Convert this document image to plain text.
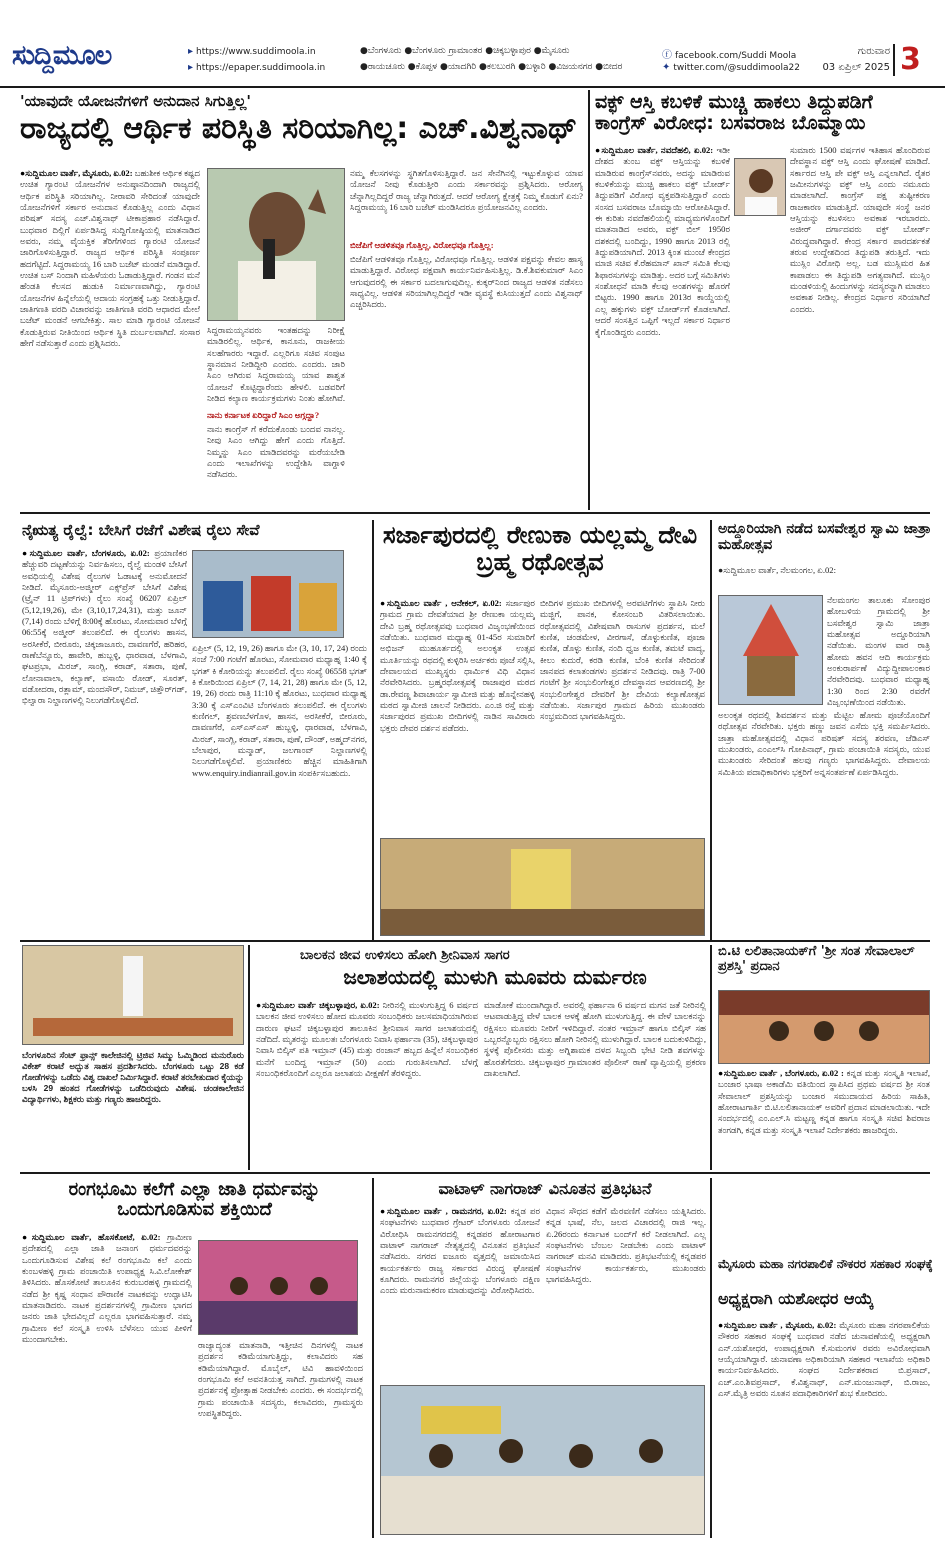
ಸುದ್ದಿಮೂಲ	▸ https://www.suddimoola.in
▸ https://epaper.suddimoola.in
●ಬೆಂಗಳೂರು ●ಬೆಂಗಳೂರು ಗ್ರಾಮಾಂತರ ●ಚಿಕ್ಕಬಳ್ಳಾಪುರ ●ಮೈಸೂರು
●ರಾಯಚೂರು ●ಕೊಪ್ಪಳ ●ಯಾದಗಿರಿ ●ಕಲಬುರಗಿ ●ಬಳ್ಳಾರಿ ●ವಿಜಯನಗರ ●ಬೀದರ
ⓕ facebook.com/Suddi Moola
✦ twitter.com/@suddimoola22
ಗುರುವಾರ
03 ಏಪ್ರಿಲ್ 2025 3
'ಯಾವುದೇ ಯೋಜನೆಗಳಿಗೆ ಅನುದಾನ ಸಿಗುತ್ತಿಲ್ಲ'
ರಾಜ್ಯದಲ್ಲಿ ಆರ್ಥಿಕ ಪರಿಸ್ಥಿತಿ ಸರಿಯಾಗಿಲ್ಲ: ಎಚ್.ವಿಶ್ವನಾಥ್
●ಸುದ್ದಿಮೂಲ ವಾರ್ತೆ, ಮೈಸೂರು, ಏ.02: ಬಹುಶೀಕ ಆರ್ಥಿಕ ಕಷ್ಟದ ಉಚಿತ ಗ್ಯಾರಂಟಿ ಯೋಜನೆಗಳ ಅನುಷ್ಠಾನದಿಂದಾಗಿ ರಾಜ್ಯದಲ್ಲಿ ಆರ್ಥಿಕ ಪರಿಸ್ಥಿತಿ ಸರಿಯಾಗಿಲ್ಲ. ನೀರಾವರಿ ಸೇರಿದಂತೆ ಯಾವುದೇ ಯೋಜನೆಗಳಿಗೆ ಸರ್ಕಾರ ಅನುದಾನ ಕೊಡುತ್ತಿಲ್ಲ ಎಂದು ವಿಧಾನ ಪರಿಷತ್ ಸದಸ್ಯ ಎಚ್.ವಿಶ್ವನಾಥ್ ಟೀಕಾಪ್ರಹಾರ ನಡೆಸಿದ್ದಾರೆ. ಬುಧವಾರ ದಿಲ್ಲಿಗೆ ಏರ್ಪಡಿಸಿದ್ದ ಸುದ್ದಿಗೋಷ್ಠಿಯಲ್ಲಿ ಮಾತನಾಡಿದ ಅವರು, ನಮ್ಮ ವೈಯಕ್ತಿಕ ತೆರಿಗೆಗಳಿಂದ ಗ್ಯಾರಂಟಿ ಯೋಜನೆ ಜಾರಿಗೊಳಿಸುತ್ತಿದ್ದಾರೆ. ರಾಜ್ಯದ ಆರ್ಥಿಕ ಪರಿಸ್ಥಿತಿ ಸಂಪೂರ್ಣ ಹದಗೆಟ್ಟಿದೆ. ಸಿದ್ದರಾಮಯ್ಯ 16 ಬಾರಿ ಬಜೆಟ್ ಮಂಡನೆ ಮಾಡಿದ್ದಾರೆ. ಉಚಿತ ಬಸ್ ನಿಂದಾಗಿ ಮಹಿಳೆಯರು ಓಡಾಡುತ್ತಿದ್ದಾರೆ. ಗಂಡನ ಮನೆ ಹೆಂಡತಿ ಕೆಲಸದ ಹುಡುಕಿ ನಿರ್ಮಾಣವಾಗಿದ್ದು, ಗ್ಯಾರಂಟಿ ಯೋಜನೆಗಳ ಹಿನ್ನೆಲೆಯಲ್ಲಿ ಆದಾಯ ಸಂಗ್ರಹಕ್ಕೆ ಒತ್ತು ನೀಡುತ್ತಿದ್ದಾರೆ. ಜಾತಿಗಣತಿ ವರದಿ ವಿಚಾರವನ್ನು ಜಾತಿಗಣತಿ ವರದಿ ಆಧಾರದ ಮೇಲೆ ಬಜೆಟ್ ಮಂಡನೆ ಆಗಬೇಕಿತ್ತು. ಸಾಲ ಮಾಡಿ ಗ್ಯಾರಂಟಿ ಯೋಜನೆ ಕೊಡುತ್ತಿರುವ ನೀತಿಯಿಂದ ಆರ್ಥಿಕ ಸ್ಥಿತಿ ದುರ್ಬಲವಾಗಿದೆ. ಸಂಸಾರ ಹೇಗೆ ನಡೆಸುತ್ತಾರೆ ಎಂದು ಪ್ರಶ್ನಿಸಿದರು.
ನಮ್ಮ ಕೆಲಸಗಳನ್ನು ಸ್ಥಗಿತಗೊಳಿಸುತ್ತಿದ್ದಾರೆ. ಜನ ಸೇನೆಗಿನಲ್ಲಿ ಇಟ್ಟುಕೊಳ್ಳುವ ಯಾವ ಯೋಜನೆ ನೀವು ಕೊಡುತ್ತೀರಿ ಎಂದು ಸರ್ಕಾರವನ್ನು ಪ್ರಶ್ನಿಸಿದರು. ಆರೋಗ್ಯ ಚೆನ್ನಾಗಿಲ್ಲದಿದ್ದರೆ ರಾಜ್ಯ ಚೆನ್ನಾಗಿರುತ್ತದೆ. ಆದರೆ ಆರೋಗ್ಯ ಕ್ಷೇತ್ರಕ್ಕೆ ನಿಮ್ಮ ಕೊಡುಗೆ ಏನು? ಸಿದ್ದರಾಮಯ್ಯ 16 ಬಾರಿ ಬಜೆಟ್ ಮಂಡಿಸಿದರೂ ಪ್ರಯೋಜನವಿಲ್ಲ ಎಂದರು.
ಬಿಜೆಪಿಗೆ ಆಡಳಿತವೂ ಗೊತ್ತಿಲ್ಲ, ವಿರೋಧವೂ ಗೊತ್ತಿಲ್ಲ:
ಬಿಜೆಪಿಗೆ ಆಡಳಿತವೂ ಗೊತ್ತಿಲ್ಲ, ವಿರೋಧವೂ ಗೊತ್ತಿಲ್ಲ. ಆಡಳಿತ ಪಕ್ಷವನ್ನು ಕೇವಲ ಹಾಸ್ಯ ಮಾಡುತ್ತಿದ್ದಾರೆ. ವಿರೋಧ ಪಕ್ಷವಾಗಿ ಕಾರ್ಯನಿರ್ವಹಿಸುತ್ತಿಲ್ಲ. ಡಿ.ಕೆ.ಶಿವಕುಮಾರ್ ಸಿಎಂ ಆಗುವುದರಲ್ಲಿ ಈ ಸರ್ಕಾರ ಬದಲಾಗುವುದಿಲ್ಲ. ಕುಕ್ಕರ್‌ನಿಂದ ರಾಜ್ಯದ ಆಡಳಿತ ನಡೆಸಲು ಸಾಧ್ಯವಿಲ್ಲ. ಆಡಳಿತ ಸರಿಯಾಗಿಲ್ಲದಿದ್ದರೆ ಇಡೀ ವ್ಯವಸ್ಥೆ ಕುಸಿಯುತ್ತದೆ ಎಂದು ವಿಶ್ವನಾಥ್ ಎಚ್ಚರಿಸಿದರು.
ಸಿದ್ದರಾಮಯ್ಯನವರು ಇಂತಹದನ್ನು ನಿರೀಕ್ಷೆ ಮಾಡಿರಲಿಲ್ಲ. ಆರ್ಥಿಕ, ಕಾನೂನು, ರಾಜಕೀಯ ಸಲಹೆಗಾರರು ಇದ್ದಾರೆ. ಎಲ್ಲರಿಗೂ ಸಚಿವ ಸಂಪುಟ ಸ್ಥಾನಮಾನ ನೀಡಿದ್ದೀರಿ ಎಂದರು. ಎಂದರು. ಜಾರಿ ಸಿಎಂ ಆಗಿರುವ ಸಿದ್ದರಾಮಯ್ಯ ಯಾವ ಶಾಶ್ವತ ಯೋಜನೆ ಕೊಟ್ಟಿದ್ದಾರೆಂದು ಹೇಳಲಿ. ಬಡವರಿಗೆ ನೀಡಿದ ಕಲ್ಯಾಣ ಕಾರ್ಯಕ್ರಮಗಳು ನಿಂತು ಹೋಗಿವೆ.
ನಾನು ಕರ್ನಾಟಕ ಏರಿದ್ದಾರೆ ಸಿಎಂ ಅಗ್ಗದ್ದಾ?
ನಾನು ಕಾಂಗ್ರೆಸ್ ಗೆ ಕರೆದುಕೊಂಡು ಬಂದವ ನಾನಲ್ಲ. ನೀವು ಸಿಎಂ ಆಗಿದ್ದು ಹೇಗೆ ಎಂದು ಗೊತ್ತಿದೆ. ನಿಮ್ಮನ್ನು ಸಿಎಂ ಮಾಡಿದವರನ್ನು ಮರೆಯಬೇಡಿ ಎಂದು ಇಲಾಖೆಗಳನ್ನು ಉದ್ದೇಶಿಸಿ ವಾಗ್ದಾಳಿ ನಡೆಸಿದರು.
ವಕ್ಫ್ ಆಸ್ತಿ ಕಬಳಿಕೆ ಮುಚ್ಚಿ ಹಾಕಲು ತಿದ್ದುಪಡಿಗೆ ಕಾಂಗ್ರೆಸ್ ವಿರೋಧ: ಬಸವರಾಜ ಬೊಮ್ಮಾಯಿ
●ಸುದ್ದಿಮೂಲ ವಾರ್ತೆ, ನವದೆಹಲಿ, ಏ.02: ಇಡೀ ದೇಶದ ತುಂಬ ವಕ್ಫ್ ಆಸ್ತಿಯನ್ನು ಕಬಳಿಕೆ ಮಾಡಿರುವ ಕಾಂಗ್ರೆಸ್‌ನವರು, ಅದನ್ನು ಮಾಡಿರುವ ಕಬಳಿಕೆಯನ್ನು ಮುಚ್ಚಿ ಹಾಕಲು ವಕ್ಫ್ ಬೋರ್ಡ್ ತಿದ್ದುಪಡಿಗೆ ವಿರೋಧ ವ್ಯಕ್ತಪಡಿಸುತ್ತಿದ್ದಾರೆ ಎಂದು ಸಂಸದ ಬಸವರಾಜ ಬೊಮ್ಮಾಯಿ ಆರೋಪಿಸಿದ್ದಾರೆ. ಈ ಕುರಿತು ನವದೆಹಲಿಯಲ್ಲಿ ಮಾಧ್ಯಮಗಳೊಂದಿಗೆ ಮಾತನಾಡಿದ ಅವರು, ವಕ್ಫ್ ಬಿಲ್ 1950ರ ದಶಕದಲ್ಲಿ ಬಂದಿದ್ದು, 1990 ಹಾಗೂ 2013 ರಲ್ಲಿ ತಿದ್ದುಪಡಿಯಾಗಿದೆ. 2013 ಕ್ಕಿಂತ ಮುಂಚೆ ಕೇಂದ್ರದ ಮಾಜಿ ಸಚಿವ ಕೆ.ರೆಹಮಾನ್ ಖಾನ್ ಸಮಿತಿ ಕೆಲವು ಶಿಫಾರಸುಗಳನ್ನು ಮಾಡಿತ್ತು. ಅದರ ಬಗ್ಗೆ ಸಮಿತಿಗಳು ಸಂಶೋಧನೆ ಮಾಡಿ ಕೆಲವು ಅಂಶಗಳನ್ನು ಹೊರಗೆ ಬಿಟ್ಟರು. 1990 ಹಾಗೂ 2013ರ ಕಾಯ್ದೆಯಲ್ಲಿ ಎಲ್ಲ ಹಕ್ಕುಗಳು ವಕ್ಫ್ ಬೋರ್ಡ್‌ಗೆ ಕೊಡಲಾಗಿದೆ. ಆದರೆ ಸಂಸತ್ತಿನ ಒಪ್ಪಿಗೆ ಇಲ್ಲದೆ ಸರ್ಕಾರ ನಿರ್ಧಾರ ಕೈಗೊಂಡಿದ್ದರು ಎಂದರು.
ಸುಮಾರು 1500 ವರ್ಷಗಳ ಇತಿಹಾಸ ಹೊಂದಿರುವ ದೇವಸ್ಥಾನ ವಕ್ಫ್ ಆಸ್ತಿ ಎಂದು ಘೋಷಣೆ ಮಾಡಿದೆ. ಸರ್ಕಾರದ ಆಸ್ತಿ ಪೇ ವಕ್ಫ್ ಆಸ್ತಿ ಎನ್ನಲಾಗಿದೆ. ರೈತರ ಜಮೀನುಗಳನ್ನು ವಕ್ಫ್ ಆಸ್ತಿ ಎಂದು ನಮೂದು ಮಾಡಲಾಗಿದೆ. ಕಾಂಗ್ರೆಸ್ ಪಕ್ಷ ತುಷ್ಟೀಕರಣ ರಾಜಕಾರಣ ಮಾಡುತ್ತಿದೆ. ಯಾವುದೇ ಸಂಸ್ಥೆ ಜನರ ಆಸ್ತಿಯನ್ನು ಕಬಳಿಸಲು ಅವಕಾಶ ಇರಬಾರದು. ಅಜೀರ್ ದರ್ಗಾದವರು ವಕ್ಫ್ ಬೋರ್ಡ್ ವಿರುದ್ಧವಾಗಿದ್ದಾರೆ. ಕೇಂದ್ರ ಸರ್ಕಾರ ಪಾರದರ್ಶಕತೆ ತರುವ ಉದ್ದೇಶದಿಂದ ತಿದ್ದುಪಡಿ ತರುತ್ತಿದೆ. ಇದು ಮುಸ್ಲಿಂ ವಿರೋಧಿ ಅಲ್ಲ. ಬಡ ಮುಸ್ಲಿಮರ ಹಿತ ಕಾಪಾಡಲು ಈ ತಿದ್ದುಪಡಿ ಅಗತ್ಯವಾಗಿದೆ. ಮುಸ್ಲಿಂ ಮಂಡಳಿಯಲ್ಲಿ ಹಿಂದುಗಳನ್ನು ಸದಸ್ಯರನ್ನಾಗಿ ಮಾಡಲು ಅವಕಾಶ ನೀಡಿಲ್ಲ. ಕೇಂದ್ರದ ನಿರ್ಧಾರ ಸರಿಯಾಗಿದೆ ಎಂದರು.
ನೈಋತ್ಯ ರೈಲ್ವೆ: ಬೇಸಿಗೆ ರಜೆಗೆ ವಿಶೇಷ ರೈಲು ಸೇವೆ
●ಸುದ್ದಿಮೂಲ ವಾರ್ತೆ, ಬೆಂಗಳೂರು, ಏ.02: ಪ್ರಯಾಣಿಕರ ಹೆಚ್ಚುವರಿ ದಟ್ಟಣೆಯನ್ನು ನಿರ್ವಹಿಸಲು, ರೈಲ್ವೆ ಮಂಡಳಿ ಬೇಸಿಗೆ ಅವಧಿಯಲ್ಲಿ ವಿಶೇಷ ರೈಲುಗಳ ಓಡಾಟಕ್ಕೆ ಅನುಮೋದನೆ ನೀಡಿದೆ. ಮೈಸೂರು-ಅಜ್ಮೀರ್ ಎಕ್ಸ್‌ಪ್ರೆಸ್ ಬೇಸಿಗೆ ವಿಶೇಷ (ಟ್ರೈನ್ 11 ಟ್ರಿಪ್‌ಗಳು) ರೈಲು ಸಂಖ್ಯೆ 06207 ಏಪ್ರಿಲ್ (5,12,19,26), ಮೇ (3,10,17,24,31), ಮತ್ತು ಜೂನ್ (7,14) ರಂದು ಬೆಳಿಗ್ಗೆ 8:00ಕ್ಕೆ ಹೊರಟು, ಸೋಮವಾರ ಬೆಳಿಗ್ಗೆ 06:55ಕ್ಕೆ ಅಜ್ಮೀರ್ ತಲುಪಲಿದೆ. ಈ ರೈಲುಗಳು ಹಾಸನ, ಅರಸೀಕೆರೆ, ಬೀರೂರು, ಚಿಕ್ಕಜಾಜೂರು, ದಾವಣಗೆರೆ, ಹರಿಹರ, ರಾಣೆಬೆನ್ನೂರು, ಹಾವೇರಿ, ಹುಬ್ಬಳ್ಳಿ, ಧಾರವಾಡ, ಬೆಳಗಾವಿ, ಘಟಪ್ರಭಾ, ಮಿರಜ್, ಸಾಂಗ್ಲಿ, ಕರಾಡ್, ಸತಾರಾ, ಪುಣೆ, ಲೋನಾವಾಲಾ, ಕಲ್ಯಾಣ್, ವಸಾಯಿ ರೋಡ್, ಸೂರತ್, ವಡೋದರಾ, ರತ್ಲಾಮ್, ಮಂದಸೌರ್, ನಿಮಚ್, ಚಿತ್ತೌರ್‌ಗಡ್, ಭಿಲ್ವಾರಾ ನಿಲ್ದಾಣಗಳಲ್ಲಿ ನಿಲುಗಡೆಗೊಳ್ಳಲಿದೆ.
ಏಪ್ರಿಲ್ (5, 12, 19, 26) ಹಾಗೂ ಮೇ (3, 10, 17, 24) ರಂದು ಸಂಜೆ 7:00 ಗಂಟೆಗೆ ಹೊರಟು, ಸೋಮವಾರ ಮಧ್ಯಾಹ್ನ 1:40 ಕ್ಕೆ ಭಗತ್ ಕಿ ಕೋಠಿಯನ್ನು ತಲುಪಲಿದೆ. ರೈಲು ಸಂಖ್ಯೆ 06558 ಭಗತ್ ಕಿ ಕೋಠಿಯಿಂದ ಏಪ್ರಿಲ್ (7, 14, 21, 28) ಹಾಗೂ ಮೇ (5, 12, 19, 26) ರಂದು ರಾತ್ರಿ 11:10 ಕ್ಕೆ ಹೊರಟು, ಬುಧವಾರ ಮಧ್ಯಾಹ್ನ 3:30 ಕ್ಕೆ ಎಸ್‌ಎಂವಿಟಿ ಬೆಂಗಳೂರು ತಲುಪಲಿದೆ. ಈ ರೈಲುಗಳು ಕುಣಿಗಲ್, ಶ್ರವಣಬೆಳಗೊಳ, ಹಾಸನ, ಅರಸೀಕೆರೆ, ಬೀರೂರು, ದಾವಣಗೆರೆ, ಎಸ್‌ಎಸ್‌ಎಸ್ ಹುಬ್ಬಳ್ಳಿ, ಧಾರವಾಡ, ಬೆಳಗಾವಿ, ಮಿರಜ್, ಸಾಂಗ್ಲಿ, ಕರಾಡ್, ಸತಾರಾ, ಪುಣೆ, ದೌಂಡ್, ಅಹ್ಮದ್‌ನಗರ, ಬೆಲಾಪುರ, ಮನ್ಮಾಡ್, ಜಲಗಾಂವ್ ನಿಲ್ದಾಣಗಳಲ್ಲಿ ನಿಲುಗಡೆಗೊಳ್ಳಲಿವೆ. ಪ್ರಯಾಣಿಕರು ಹೆಚ್ಚಿನ ಮಾಹಿತಿಗಾಗಿ www.enquiry.indianrail.gov.in ಸಂಪರ್ಕಿಸಬಹುದು.
ಸರ್ಜಾಪುರದಲ್ಲಿ ರೇಣುಕಾ ಯಲ್ಲಮ್ಮ ದೇವಿ ಬ್ರಹ್ಮ ರಥೋತ್ಸವ
●ಸುದ್ದಿಮೂಲ ವಾರ್ತೆ , ಆನೇಕಲ್, ಏ.02: ಸರ್ಜಾಪುರ ಗ್ರಾಮದ ಗ್ರಾಮ ದೇವತೆಯಾದ ಶ್ರೀ ರೇಣುಕಾ ಯಲ್ಲಮ್ಮ ದೇವಿ ಬ್ರಹ್ಮ ರಥೋತ್ಸವವು ಬುಧವಾರ ವಿಜೃಂಭಣೆಯಿಂದ ನಡೆಯಿತು. ಬುಧವಾರ ಮಧ್ಯಾಹ್ನ 01-45ರ ಸುಮಾರಿಗೆ ಅಭಿಜನ್ ಮುಹೂರ್ತದಲ್ಲಿ ಅಲಂಕೃತ ಉತ್ಸವ ಮೂರ್ತಿಯನ್ನು ರಥದಲ್ಲಿ ಕುಳ್ಳಿರಿಸಿ ಅರ್ಚಕರು ಪೂಜೆ ಸಲ್ಲಿಸಿ, ದೇವಾಲಯದ ಮುಖ್ಯಸ್ಥರು ಧಾರ್ಮಿಕ ವಿಧಿ ವಿಧಾನ ನೆರವೇರಿಸಿದರು. ಬ್ರಹ್ಮರಥೋತ್ಸವಕ್ಕೆ ರಾಜಾಪುರ ಮಠದ ಡಾ.ರೇವಣ್ಣ ಶಿವಾಚಾರ್ಯ ಸ್ವಾಮೀಜಿ ಮತ್ತು ಹೊನ್ನೇನಹಳ್ಳಿ ಮಠದ ಸ್ವಾಮೀಜಿ ಚಾಲನೆ ನೀಡಿದರು. ಎಂ.ಜಿ ರಸ್ತೆ ಮತ್ತು ಸರ್ಜಾಪುರದ ಪ್ರಮುಖ ಬೀದಿಗಳಲ್ಲಿ ನಾಡಿನ ಸಾವಿರಾರು ಭಕ್ತರು ದೇವರ ದರ್ಶನ ಪಡೆದರು.
ಬೀದಿಗಳ ಪ್ರಮುಖ ಬೀದಿಗಳಲ್ಲಿ ಅರವಟಿಗೆಗಳು ಸ್ಥಾಪಿಸಿ ನೀರು ಮಜ್ಜಿಗೆ, ಪಾನಕ, ಕೋಸಂಬರಿ ವಿತರಿಸಲಾಯಿತು. ರಥೋತ್ಸವದಲ್ಲಿ ವಿಶೇಷವಾಗಿ ರಾಸುಗಳ ಪ್ರದರ್ಶನ, ಮಲೆ ಕುಣಿತ, ಚಂಡಮೇಳ, ವೀರಗಾಸೆ, ಡೊಳ್ಳುಕುಣಿತ, ಪೂಜಾ ಕುಣಿತ, ಡೊಳ್ಳು ಕುಣಿತ, ನಂದಿ ಧ್ವಜ ಕುಣಿತ, ತಮಟೆ ವಾದ್ಯ, ಕೀಲು ಕುದುರೆ, ಕರಡಿ ಕುಣಿತ, ಬೆಂಕಿ ಕುಣಿತ ಸೇರಿದಂತೆ ಜಾನಪದ ಕಲಾತಂಡಗಳು ಪ್ರದರ್ಶನ ನೀಡಿದವು. ರಾತ್ರಿ 7-00 ಗಂಟೆಗೆ ಶ್ರೀ ಸಂಭುಲಿಂಗೇಶ್ವರ ದೇವಸ್ಥಾನದ ಆವರಣದಲ್ಲಿ ಶ್ರೀ ಸಂಭುಲಿಂಗೇಶ್ವರ ದೇವರಿಗೆ ಶ್ರೀ ದೇವಿಯ ಕಲ್ಯಾಣೋತ್ಸವ ನಡೆಯಿತು. ಸರ್ಜಾಪುರ ಗ್ರಾಮದ ಹಿರಿಯ ಮುಖಂಡರು ಸಂಭ್ರಮದಿಂದ ಭಾಗವಹಿಸಿದ್ದರು.
ಅದ್ದೂರಿಯಾಗಿ ನಡೆದ ಬಸವೇಶ್ವರ ಸ್ವಾಮಿ ಜಾತ್ರಾ ಮಹೋತ್ಸವ
●ಸುದ್ದಿಮೂಲ ವಾರ್ತೆ, ನೆಲಮಂಗಲ, ಏ.02:
ನೆಲಮಂಗಲ ತಾಲೂಕು ಸೋಂಪುರ ಹೋಬಳಿಯ ಗ್ರಾಮದಲ್ಲಿ ಶ್ರೀ ಬಸವೇಶ್ವರ ಸ್ವಾಮಿ ಜಾತ್ರಾ ಮಹೋತ್ಸವ ಅದ್ದೂರಿಯಾಗಿ ನಡೆಯಿತು. ಮಂಗಳ ವಾರ ರಾತ್ರಿ ಹೋಮ ಹವನ ಆದಿ ಕಾರ್ಯಕ್ರಮ ಅಂಕುರಾರ್ಪಣೆ ವಿದ್ಯುದ್ದೀಪಾಲಂಕಾರ ನೆರವೇರಿದವು. ಬುಧವಾರ ಮಧ್ಯಾಹ್ನ 1:30 ರಿಂದ 2:30 ರವರೆಗೆ ವಿಜೃಂಭಣೆಯಿಂದ ನಡೆಯಿತು.
ಅಲಂಕೃತ ರಥದಲ್ಲಿ ಶಿವದರ್ಶನ ಮತ್ತು ಮೆಟ್ಟಿಲ ಹೋಮ ಪೂಜೆಯೊಂದಿಗೆ ರಥೋತ್ಸವ ನೆರವೇರಿತು. ಭಕ್ತರು ಹಣ್ಣು ಜವನ ಎಸೆದು ಭಕ್ತಿ ಸಮರ್ಪಿಸಿದರು. ಜಾತ್ರಾ ಮಹೋತ್ಸವದಲ್ಲಿ ವಿಧಾನ ಪರಿಷತ್ ಸದಸ್ಯ ಶರವಣ, ಜೆಡಿಎಸ್ ಮುಖಂಡರು, ಎಂಎಲ್‌ಸಿ ಗೋಪಿನಾಥ್, ಗ್ರಾಮ ಪಂಚಾಯಿತಿ ಸದಸ್ಯರು, ಯುವ ಮುಖಂಡರು ಸೇರಿದಂತೆ ಹಲವು ಗಣ್ಯರು ಭಾಗವಹಿಸಿದ್ದರು. ದೇವಾಲಯ ಸಮಿತಿಯ ಪದಾಧಿಕಾರಿಗಳು ಭಕ್ತರಿಗೆ ಅನ್ನಸಂತರ್ಪಣೆ ಏರ್ಪಡಿಸಿದ್ದರು.
ಬೆಂಗಳೂರಿನ ಸೆಂಟ್ ಫ್ರಾನ್ಸ್ ಕಾಲೇಜಿನಲ್ಲಿ ಟ್ರಿಜಿವ ಸಿಮ್ಮು ಓಮ್ಮಿಡಿಂದ ಮನುರೊರು ವಿಕೇಶ್ ಕರಾಟೆ ಅದ್ಭುತ ಸಾಹಸ ಪ್ರದರ್ಶಿಸಿದರು. ಬೆಂಗಳೂರು ಒಟ್ಟು 28 ಕಡೆ ಗೋಡೆಗಳನ್ನು ಒಡೆದು ವಿಶ್ವ ದಾಖಲೆ ನಿರ್ಮಿಸಿದ್ದಾರೆ. ಕರಾಟೆ ತರಬೇತುದಾರ ಕೈಯನ್ನು ಬಳಸಿ 29 ಹಂತದ ಗೋಡೆಗಳನ್ನು ಒಡೆದಿರುವುದು ವಿಶೇಷ. ಚಂಡಕಾಲೇಜಿನ ವಿದ್ಯಾರ್ಥಿಗಳು, ಶಿಕ್ಷಕರು ಮತ್ತು ಗಣ್ಯರು ಹಾಜರಿದ್ದರು.
ಬಾಲಕನ ಜೀವ ಉಳಿಸಲು ಹೋಗಿ ಶ್ರೀನಿವಾಸ ಸಾಗರ
ಜಲಾಶಯದಲ್ಲಿ ಮುಳುಗಿ ಮೂವರು ದುರ್ಮರಣ
●ಸುದ್ದಿಮೂಲ ವಾರ್ತೆ ಚಿಕ್ಕಬಳ್ಳಾಪುರ, ಏ.02: ನೀರಿನಲ್ಲಿ ಮುಳುಗುತ್ತಿದ್ದ 6 ವರ್ಷದ ಬಾಲಕನ ಜೀವ ಉಳಿಸಲು ಹೋದ ಮೂವರು ಸಂಬಂಧಿಕರು ಜಲಸಮಾಧಿಯಾಗಿರುವ ದಾರುಣ ಘಟನೆ ಚಿಕ್ಕಬಳ್ಳಾಪುರ ತಾಲೂಕಿನ ಶ್ರೀನಿವಾಸ ಸಾಗರ ಜಲಾಶಯದಲ್ಲಿ ನಡೆದಿದೆ. ಮೃತರನ್ನು ಮೂಲತಃ ಬೆಂಗಳೂರು ನಿವಾಸಿ ಫರ್ಹಾನಾ (35), ಚಿಕ್ಕಬಳ್ಳಾಪುರ ನಿವಾಸಿ ಬಿಲ್ಕಿಸ್ ಪತಿ ಇಮ್ರಾನ್ (45) ಮತ್ತು ರಂಜಾನ್ ಹಬ್ಬದ ಹಿನ್ನೆಲೆ ಸಂಬಂಧಿಕರ ಮನೆಗೆ ಬಂದಿದ್ದ ಇಮ್ರಾನ್ (50) ಎಂದು ಗುರುತಿಸಲಾಗಿದೆ. ಬೆಳಗ್ಗೆ ಸಂಬಂಧಿಕರೊಂದಿಗೆ ಎಲ್ಲರೂ ಜಲಾಶಯ ವೀಕ್ಷಣೆಗೆ ತೆರಳಿದ್ದರು.
ಮಾಡೋಕೆ ಮುಂದಾಗಿದ್ದಾರೆ. ಅವರಲ್ಲಿ ಫರ್ಹಾನಾ 6 ವರ್ಷದ ಮಗನ ಜತೆ ನೀರಿನಲ್ಲಿ ಆಟವಾಡುತ್ತಿದ್ದ ವೇಳೆ ಬಾಲಕ ಆಳಕ್ಕೆ ಹೋಗಿ ಮುಳುಗುತ್ತಿದ್ದ. ಈ ವೇಳೆ ಬಾಲಕನನ್ನು ರಕ್ಷಿಸಲು ಮೂವರು ನೀರಿಗೆ ಇಳಿದಿದ್ದಾರೆ. ನಂತರ ಇಮ್ರಾನ್ ಹಾಗೂ ಬಿಲ್ಕಿಸ್ ಸಹ ಒಬ್ಬರನ್ನೊಬ್ಬರು ರಕ್ಷಿಸಲು ಹೋಗಿ ನೀರಿನಲ್ಲಿ ಮುಳುಗಿದ್ದಾರೆ. ಬಾಲಕ ಬದುಕುಳಿದಿದ್ದು, ಸ್ಥಳಕ್ಕೆ ಪೊಲೀಸರು ಮತ್ತು ಅಗ್ನಿಶಾಮಕ ದಳದ ಸಿಬ್ಬಂದಿ ಭೇಟಿ ನೀಡಿ ಶವಗಳನ್ನು ಹೊರತೆಗೆದರು. ಚಿಕ್ಕಬಳ್ಳಾಪುರ ಗ್ರಾಮಾಂತರ ಪೊಲೀಸ್ ಠಾಣೆ ವ್ಯಾಪ್ತಿಯಲ್ಲಿ ಪ್ರಕರಣ ದಾಖಲಾಗಿದೆ.
ಬಿ.ಟಿ ಲಲಿತಾನಾಯಕ್‌ಗೆ 'ಶ್ರೀ ಸಂತ ಸೇವಾಲಾಲ್ ಪ್ರಶಸ್ತಿ' ಪ್ರದಾನ
●ಸುದ್ದಿಮೂಲ ವಾರ್ತೆ , ಬೆಂಗಳೂರು, ಏ.02 : ಕನ್ನಡ ಮತ್ತು ಸಂಸ್ಕೃತಿ ಇಲಾಖೆ, ಬಂಜಾರ ಭಾಷಾ ಅಕಾಡೆಮಿ ವತಿಯಿಂದ ಸ್ಥಾಪಿಸಿದ ಪ್ರಥಮ ವರ್ಷದ ಶ್ರೀ ಸಂತ ಸೇವಾಲಾಲ್ ಪ್ರಶಸ್ತಿಯನ್ನು ಬಂಜಾರ ಸಮುದಾಯದ ಹಿರಿಯ ಸಾಹಿತಿ, ಹೋರಾಟಗಾರ್ತಿ ಬಿ.ಟಿ.ಲಲಿತಾನಾಯಕ್ ಅವರಿಗೆ ಪ್ರದಾನ ಮಾಡಲಾಯಿತು. ಇದೇ ಸಂದರ್ಭದಲ್ಲಿ ಎಂ.ಎಲ್.ಸಿ ಮಟ್ಟಣ್ಣ ಕನ್ನಡ ಹಾಗೂ ಸಂಸ್ಕೃತಿ ಸಚಿವ ಶಿವರಾಜ ತಂಗಡಗಿ, ಕನ್ನಡ ಮತ್ತು ಸಂಸ್ಕೃತಿ ಇಲಾಖೆ ನಿರ್ದೇಶಕರು ಹಾಜರಿದ್ದರು.
ರಂಗಭೂಮಿ ಕಲೆಗೆ ಎಲ್ಲಾ ಜಾತಿ ಧರ್ಮವನ್ನು ಒಂದುಗೂಡಿಸುವ ಶಕ್ತಿಯಿದೆ
●ಸುದ್ದಿಮೂಲ ವಾರ್ತೆ, ಹೊಸಕೋಟೆ, ಏ.02: ಗ್ರಾಮೀಣ ಪ್ರದೇಶದಲ್ಲಿ ಎಲ್ಲಾ ಜಾತಿ ಜನಾಂಗ ಧರ್ಮದವರನ್ನು ಒಂದುಗೂಡಿಸುವ ವಿಶೇಷ ಕಲೆ ರಂಗಭೂಮಿ ಕಲೆ ಎಂದು ಕುಂಬಳಹಳ್ಳಿ ಗ್ರಾಮ ಪಂಚಾಯಿತಿ ಉಪಾಧ್ಯಕ್ಷ ಸಿ.ವಿ.ಲೋಕೇಶ್ ತಿಳಿಸಿದರು. ಹೊಸಕೋಟೆ ತಾಲೂಕಿನ ಕುರುಬರಹಳ್ಳಿ ಗ್ರಾಮದಲ್ಲಿ ನಡೆದ ಶ್ರೀ ಕೃಷ್ಣ ಸಂಧಾನ ಪೌರಾಣಿಕ ನಾಟಕವನ್ನು ಉದ್ಘಾಟಿಸಿ ಮಾತನಾಡಿದರು. ನಾಟಕ ಪ್ರದರ್ಶನಗಳಲ್ಲಿ ಗ್ರಾಮೀಣ ಭಾಗದ ಜನರು ಜಾತಿ ಭೇದವಿಲ್ಲದೆ ಎಲ್ಲರೂ ಭಾಗವಹಿಸುತ್ತಾರೆ. ನಮ್ಮ ಗ್ರಾಮೀಣ ಕಲೆ ಸಂಸ್ಕೃತಿ ಉಳಿಸಿ ಬೆಳೆಸಲು ಯುವ ಪೀಳಿಗೆ ಮುಂದಾಗಬೇಕು.
ರಾಜ್ಯಾದ್ಯಂತ ಮಾತನಾಡಿ, ಇತ್ತೀಚಿನ ದಿನಗಳಲ್ಲಿ ನಾಟಕ ಪ್ರದರ್ಶನ ಕಡಿಮೆಯಾಗುತ್ತಿದ್ದು, ಕಲಾವಿದರು ಸಹ ಕಡಿಮೆಯಾಗಿದ್ದಾರೆ. ಮೊಬೈಲ್, ಟಿವಿ ಹಾವಳಿಯಿಂದ ರಂಗಭೂಮಿ ಕಲೆ ಅವನತಿಯತ್ತ ಸಾಗಿದೆ. ಗ್ರಾಮಗಳಲ್ಲಿ ನಾಟಕ ಪ್ರದರ್ಶನಕ್ಕೆ ಪ್ರೋತ್ಸಾಹ ನೀಡಬೇಕು ಎಂದರು. ಈ ಸಂದರ್ಭದಲ್ಲಿ ಗ್ರಾಮ ಪಂಚಾಯಿತಿ ಸದಸ್ಯರು, ಕಲಾವಿದರು, ಗ್ರಾಮಸ್ಥರು ಉಪಸ್ಥಿತರಿದ್ದರು.
ವಾಟಾಳ್ ನಾಗರಾಜ್ ವಿನೂತನ ಪ್ರತಿಭಟನೆ
●ಸುದ್ದಿಮೂಲ ವಾರ್ತೆ , ರಾಮನಗರ, ಏ.02: ಕನ್ನಡ ಪರ ಸಂಘಟನೆಗಳು ಬುಧವಾರ ಗ್ರೇಟರ್ ಬೆಂಗಳೂರು ಯೋಜನೆ ವಿರೋಧಿಸಿ ರಾಮನಗರದಲ್ಲಿ ಕನ್ನಡಪರ ಹೋರಾಟಗಾರ ವಾಟಾಳ್ ನಾಗರಾಜ್ ನೇತೃತ್ವದಲ್ಲಿ ವಿನೂತನ ಪ್ರತಿಭಟನೆ ನಡೆಸಿದರು. ನಗರದ ಐಜೂರು ವೃತ್ತದಲ್ಲಿ ಜಮಾಯಿಸಿದ ಕಾರ್ಯಕರ್ತರು ರಾಜ್ಯ ಸರ್ಕಾರದ ವಿರುದ್ಧ ಘೋಷಣೆ ಕೂಗಿದರು. ರಾಮನಗರ ಜಿಲ್ಲೆಯನ್ನು ಬೆಂಗಳೂರು ದಕ್ಷಿಣ ಎಂದು ಮರುನಾಮಕರಣ ಮಾಡುವುದನ್ನು ವಿರೋಧಿಸಿದರು.
ವಿಧಾನ ಸೌಧದ ಕಡೆಗೆ ಮೆರವಣಿಗೆ ನಡೆಸಲು ಯತ್ನಿಸಿದರು. ಕನ್ನಡ ಭಾಷೆ, ನೆಲ, ಜಲದ ವಿಚಾರದಲ್ಲಿ ರಾಜಿ ಇಲ್ಲ. ಏ.26ರಂದು ಕರ್ನಾಟಕ ಬಂದ್‌ಗೆ ಕರೆ ನೀಡಲಾಗಿದೆ. ಎಲ್ಲ ಸಂಘಟನೆಗಳು ಬೆಂಬಲ ನೀಡಬೇಕು ಎಂದು ವಾಟಾಳ್ ನಾಗರಾಜ್ ಮನವಿ ಮಾಡಿದರು. ಪ್ರತಿಭಟನೆಯಲ್ಲಿ ಕನ್ನಡಪರ ಸಂಘಟನೆಗಳ ಕಾರ್ಯಕರ್ತರು, ಮುಖಂಡರು ಭಾಗವಹಿಸಿದ್ದರು.
ಮೈಸೂರು ಮಹಾ ನಗರಪಾಲಿಕೆ ನೌಕರರ ಸಹಕಾರ ಸಂಘಕ್ಕೆ
ಅಧ್ಯಕ್ಷರಾಗಿ ಯಶೋಧರ ಆಯ್ಕೆ
●ಸುದ್ದಿಮೂಲ ವಾರ್ತೆ , ಮೈಸೂರು, ಏ.02: ಮೈಸೂರು ಮಹಾ ನಗರಪಾಲಿಕೆಯ ನೌಕರರ ಸಹಕಾರ ಸಂಘಕ್ಕೆ ಬುಧವಾರ ನಡೆದ ಚುನಾವಣೆಯಲ್ಲಿ ಅಧ್ಯಕ್ಷರಾಗಿ ಎನ್.ಯಶೋಧರ, ಉಪಾಧ್ಯಕ್ಷರಾಗಿ ಕೆ.ಸುಮಂಗಳ ರವರು ಅವಿರೋಧವಾಗಿ ಆಯ್ಕೆಯಾಗಿದ್ದಾರೆ. ಚುನಾವಣಾ ಅಧಿಕಾರಿಯಾಗಿ ಸಹಕಾರ ಇಲಾಖೆಯ ಅಧಿಕಾರಿ ಕಾರ್ಯನಿರ್ವಹಿಸಿದರು. ಸಂಘದ ನಿರ್ದೇಶಕರಾದ ಬಿ.ಪ್ರಸಾದ್, ಎಚ್.ಎಂ.ಶಿವಪ್ರಸಾದ್, ಕೆ.ವಿಶ್ವನಾಥ್, ಎನ್.ಮಂಜುನಾಥ್, ಬಿ.ರಾಜು, ಎಸ್.ಮೈತ್ರಿ ಅವರು ನೂತನ ಪದಾಧಿಕಾರಿಗಳಿಗೆ ಶುಭ ಕೋರಿದರು.
